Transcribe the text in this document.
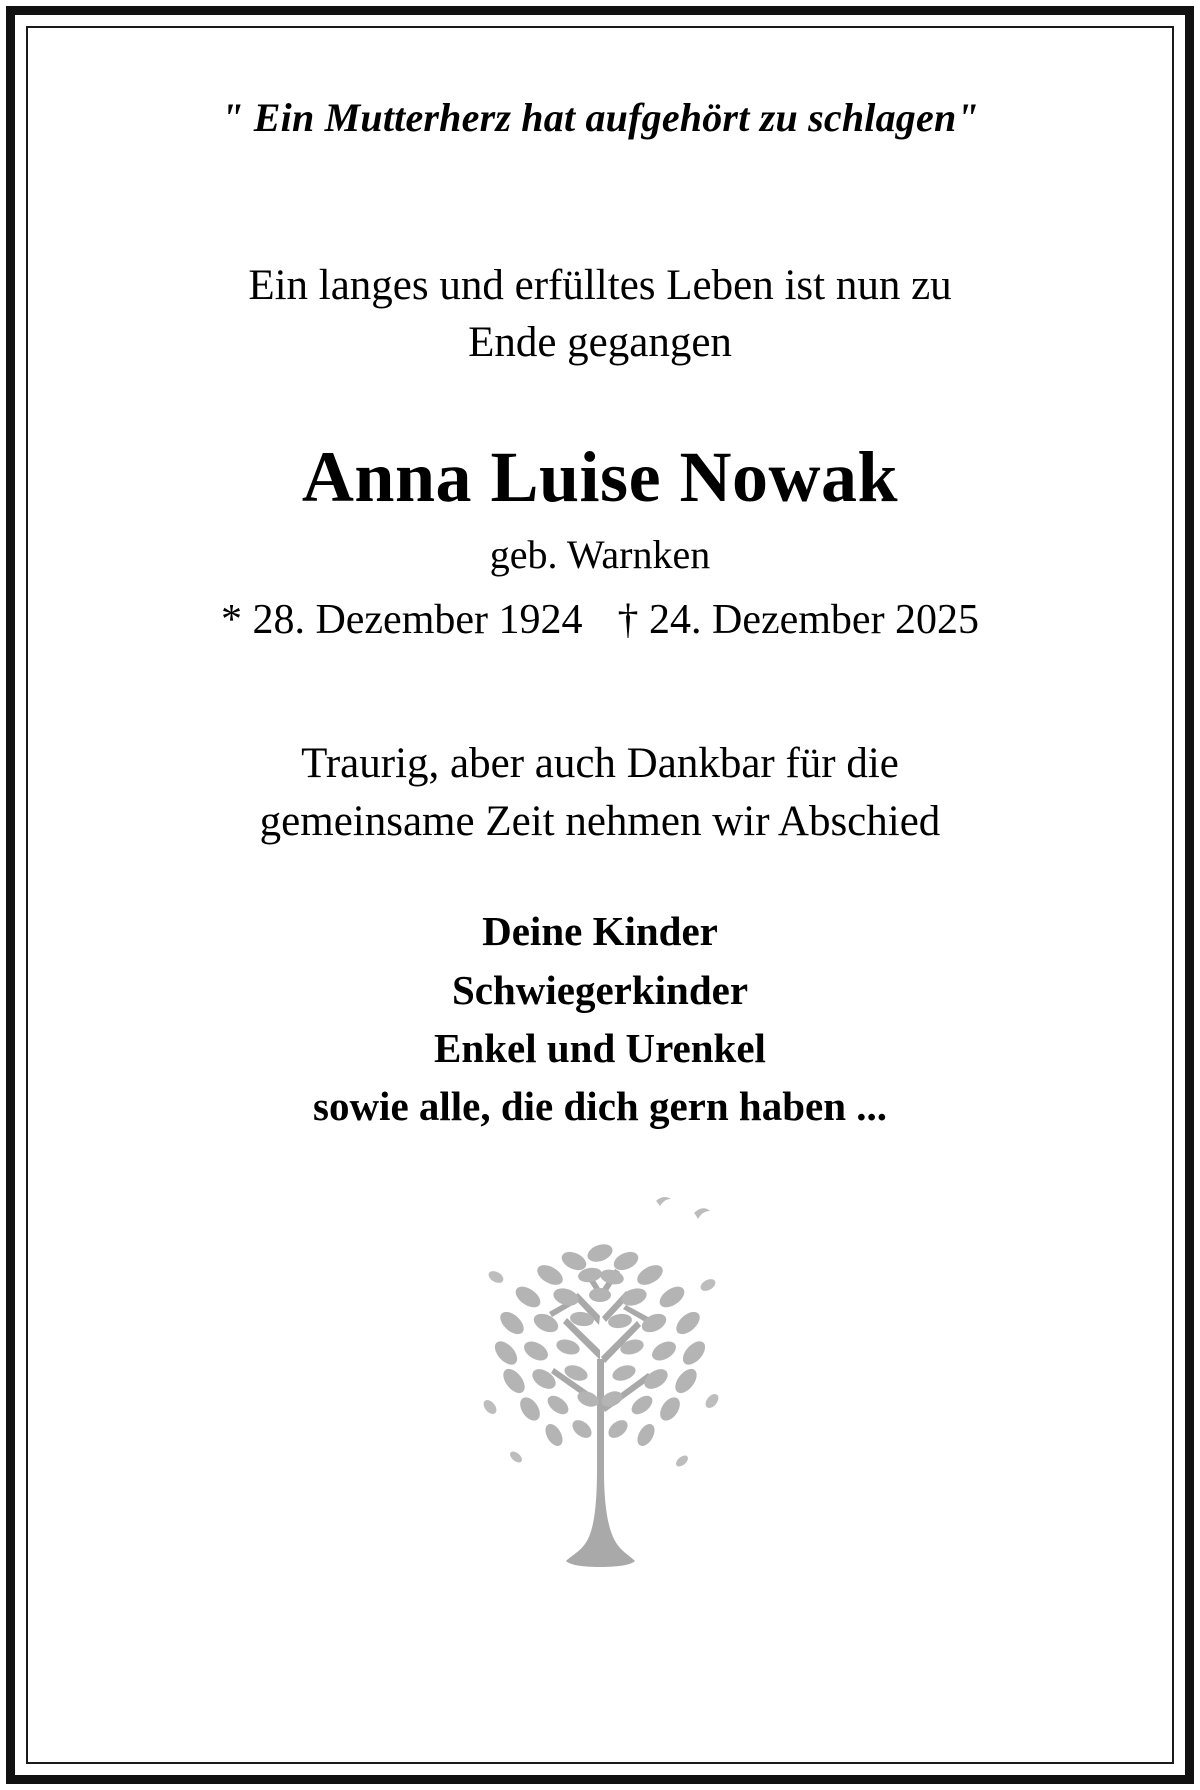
" Ein Mutterherz hat aufgehört zu schlagen"
Ein langes und erfülltes Leben ist nun zu
Ende gegangen
Anna Luise Nowak
geb. Warnken
* 28. Dezember 1924 † 24. Dezember 2025
Traurig, aber auch Dankbar für die
gemeinsame Zeit nehmen wir Abschied
Deine Kinder
Schwiegerkinder
Enkel und Urenkel
sowie alle, die dich gern haben ...
